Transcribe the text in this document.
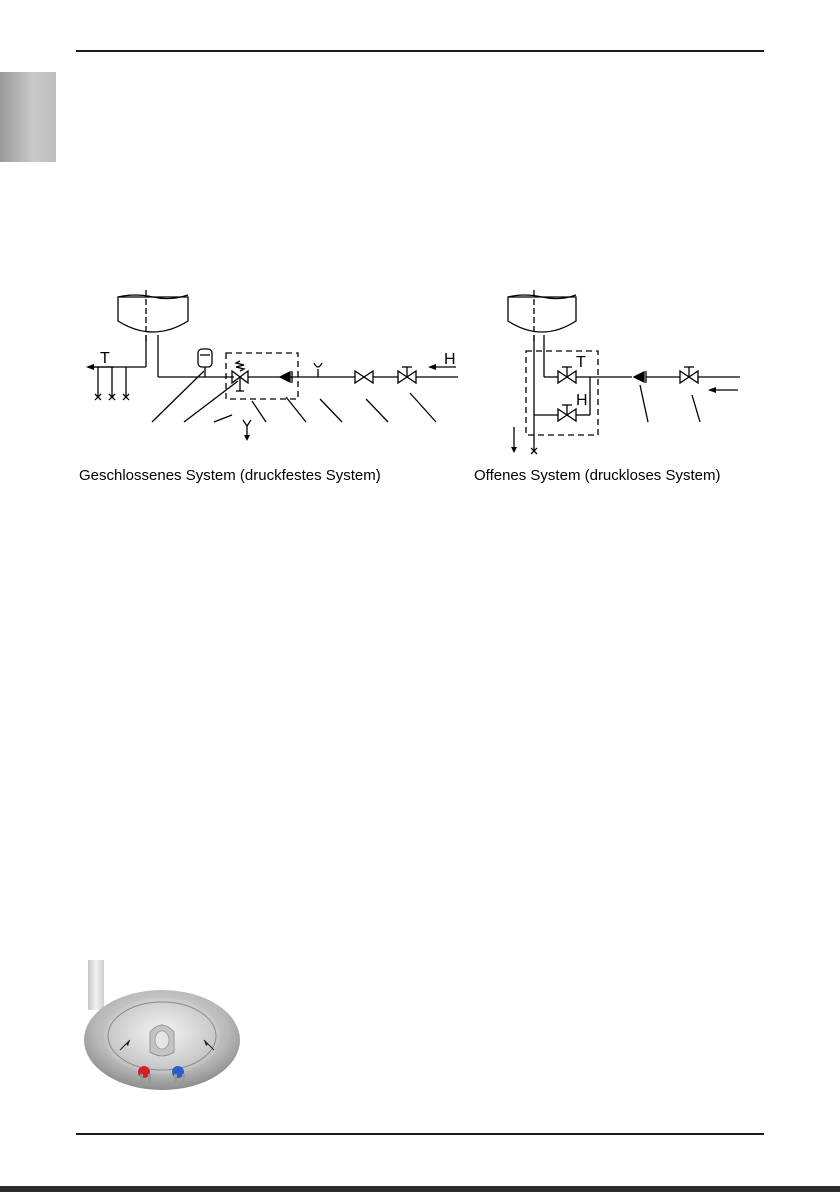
T	H
Geschlossenes System (druckfestes System)
T
H
Offenes System (druckloses System)
